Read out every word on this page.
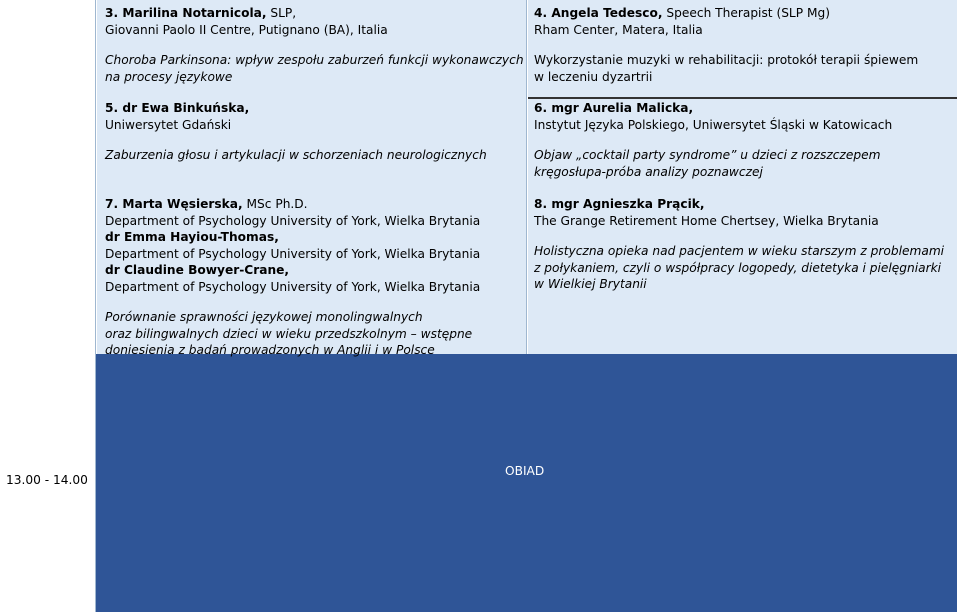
3. Marilina Notarnicola, SLP,
Giovanni Paolo II Centre, Putignano (BA), Italia
Choroba Parkinsona: wpływ zespołu zaburzeń funkcji wykonawczych
na procesy językowe
5. dr Ewa Binkuńska,
Uniwersytet Gdański
Zaburzenia głosu i artykulacji w schorzeniach neurologicznych
7. Marta Węsierska, MSc Ph.D.
Department of Psychology University of York, Wielka Brytania
dr Emma Hayiou-Thomas,
Department of Psychology University of York, Wielka Brytania
dr Claudine Bowyer-Crane,
Department of Psychology University of York, Wielka Brytania
Porównanie sprawności językowej monolingwalnych
oraz bilingwalnych dzieci w wieku przedszkolnym – wstępne
doniesienia z badań prowadzonych w Anglii i w Polsce
4. Angela Tedesco, Speech Therapist (SLP Mg)
Rham Center, Matera, Italia
Wykorzystanie muzyki w rehabilitacji: protokół terapii śpiewem
w leczeniu dyzartrii
6. mgr Aurelia Malicka,
Instytut Języka Polskiego, Uniwersytet Śląski w Katowicach
Objaw „cocktail party syndrome” u dzieci z rozszczepem
kręgosłupa-próba analizy poznawczej
8. mgr Agnieszka Prącik,
The Grange Retirement Home Chertsey, Wielka Brytania
Holistyczna opieka nad pacjentem w wieku starszym z problemami
z połykaniem, czyli o współpracy logopedy, dietetyka i pielęgniarki
w Wielkiej Brytanii
13.00 - 14.00
OBIAD
